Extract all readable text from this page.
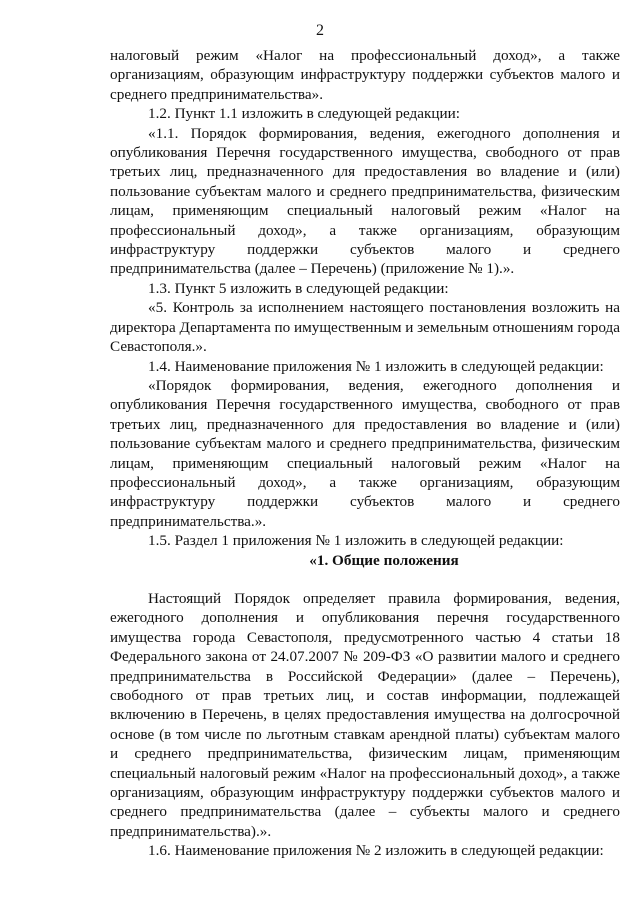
2

налоговый режим «Налог на профессиональный доход», а также организациям, образующим инфраструктуру поддержки субъектов малого и среднего предпринимательства».

1.2. Пункт 1.1 изложить в следующей редакции:

«1.1. Порядок формирования, ведения, ежегодного дополнения и опубликования Перечня государственного имущества, свободного от прав третьих лиц, предназначенного для предоставления во владение и (или) пользование субъектам малого и среднего предпринимательства, физическим лицам, применяющим специальный налоговый режим «Налог на профессиональный доход», а также организациям, образующим инфраструктуру поддержки субъектов малого и среднего предпринимательства (далее – Перечень) (приложение № 1).».

1.3. Пункт 5 изложить в следующей редакции:

«5. Контроль за исполнением настоящего постановления возложить на директора Департамента по имущественным и земельным отношениям города Севастополя.».

1.4. Наименование приложения № 1 изложить в следующей редакции:

«Порядок формирования, ведения, ежегодного дополнения и опубликования Перечня государственного имущества, свободного от прав третьих лиц, предназначенного для предоставления во владение и (или) пользование субъектам малого и среднего предпринимательства, физическим лицам, применяющим специальный налоговый режим «Налог на профессиональный доход», а также организациям, образующим инфраструктуру поддержки субъектов малого и среднего предпринимательства.».

1.5. Раздел 1 приложения № 1 изложить в следующей редакции:

«1. Общие положения

Настоящий Порядок определяет правила формирования, ведения, ежегодного дополнения и опубликования перечня государственного имущества города Севастополя, предусмотренного частью 4 статьи 18 Федерального закона от 24.07.2007 № 209-ФЗ «О развитии малого и среднего предпринимательства в Российской Федерации» (далее – Перечень), свободного от прав третьих лиц, и состав информации, подлежащей включению в Перечень, в целях предоставления имущества на долгосрочной основе (в том числе по льготным ставкам арендной платы) субъектам малого и среднего предпринимательства, физическим лицам, применяющим специальный налоговый режим «Налог на профессиональный доход», а также организациям, образующим инфраструктуру поддержки субъектов малого и среднего предпринимательства (далее – субъекты малого и среднего предпринимательства).».

1.6. Наименование приложения № 2 изложить в следующей редакции:
